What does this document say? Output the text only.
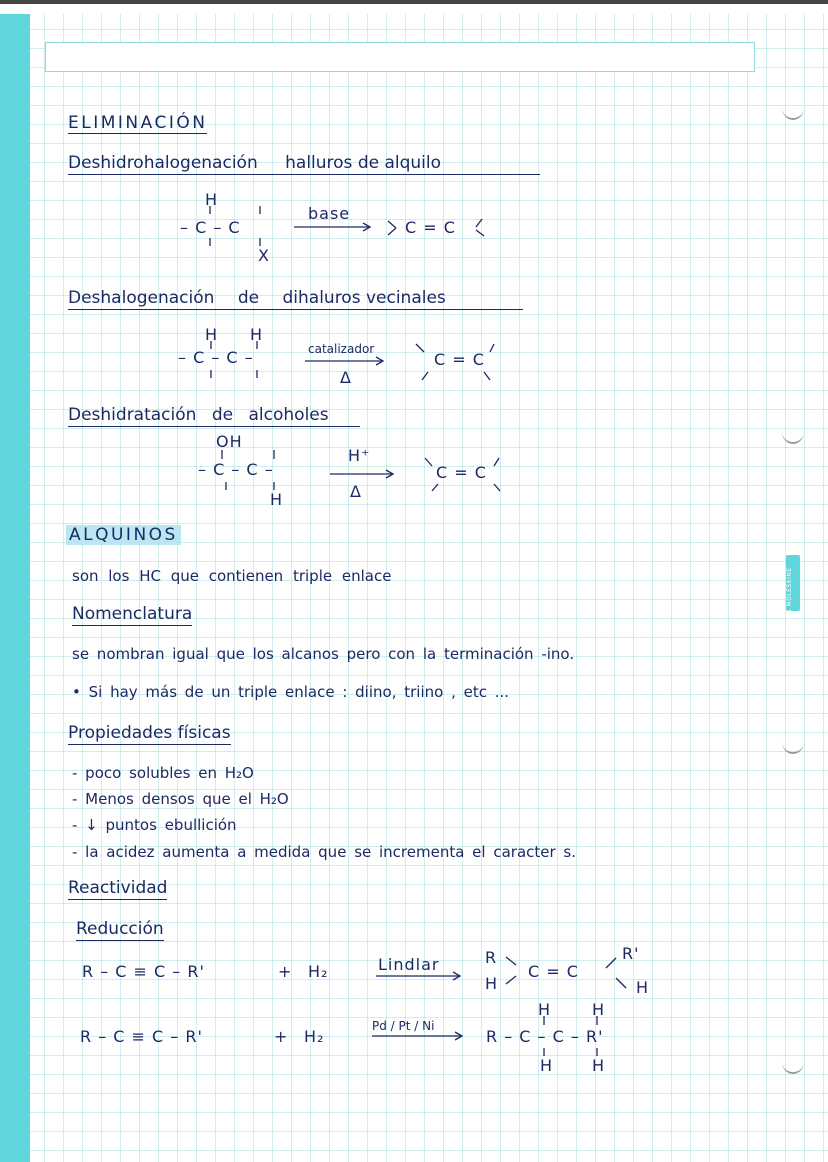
MS MOLESKINE
ELIMINACIÓN
Deshidrohalogenación halluros de alquilo
H
– C – C
X
base
C = C
Deshalogenación de dihaluros vecinales
H H
– C – C –	catalizador
Δ
C = C
Deshidratación de alcoholes
OH
– C – C –
H
H⁺
Δ
C = C
ALQUINOS
son los HC que contienen triple enlace
Nomenclatura
se nombran igual que los alcanos pero con la terminación -ino.
• Si hay más de un triple enlace : diino, triino , etc ...
Propiedades físicas
- poco solubles en H₂O
- Menos densos que el H₂O
- ↓ puntos ebullición
- la acidez aumenta a medida que se incrementa el caracter s.
Reactividad
Reducción
R – C ≡ C – R'	+ H₂	Lindlar	R
H
C = C
R'
H
R – C ≡ C – R'	+ H₂
Pd / Pt / Ni
H	H
R – C – C – R'
H H
